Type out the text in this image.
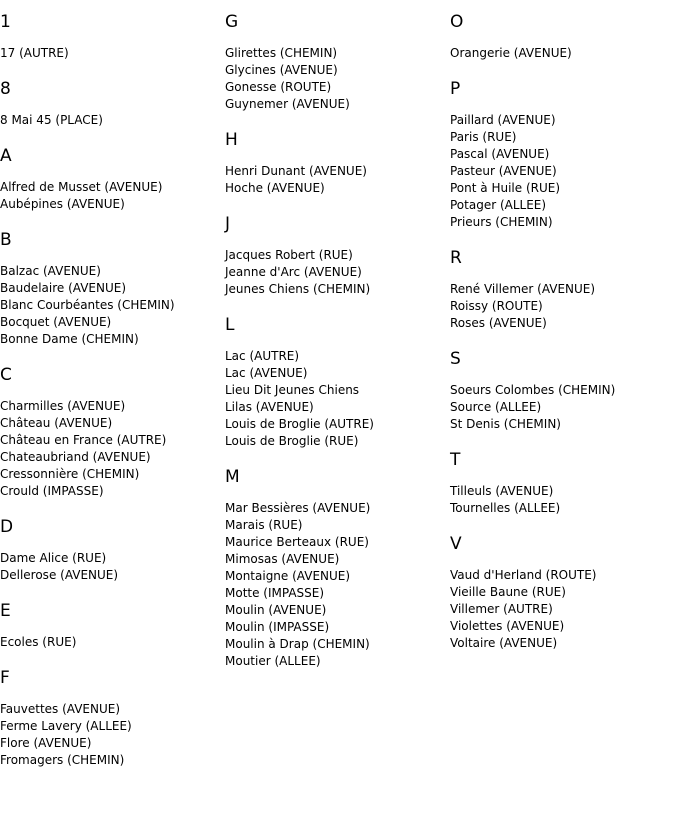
1
17 (AUTRE)
8
8 Mai 45 (PLACE)
A
Alfred de Musset (AVENUE)
Aubépines (AVENUE)
B
Balzac (AVENUE)
Baudelaire (AVENUE)
Blanc Courbéantes (CHEMIN)
Bocquet (AVENUE)
Bonne Dame (CHEMIN)
C
Charmilles (AVENUE)
Château (AVENUE)
Château en France (AUTRE)
Chateaubriand (AVENUE)
Cressonnière (CHEMIN)
Crould (IMPASSE)
D
Dame Alice (RUE)
Dellerose (AVENUE)
E
Ecoles (RUE)
F
Fauvettes (AVENUE)
Ferme Lavery (ALLEE)
Flore (AVENUE)
Fromagers (CHEMIN)
G
Glirettes (CHEMIN)
Glycines (AVENUE)
Gonesse (ROUTE)
Guynemer (AVENUE)
H
Henri Dunant (AVENUE)
Hoche (AVENUE)
J
Jacques Robert (RUE)
Jeanne d'Arc (AVENUE)
Jeunes Chiens (CHEMIN)
L
Lac (AUTRE)
Lac (AVENUE)
Lieu Dit Jeunes Chiens
Lilas (AVENUE)
Louis de Broglie (AUTRE)
Louis de Broglie (RUE)
M
Mar Bessières (AVENUE)
Marais (RUE)
Maurice Berteaux (RUE)
Mimosas (AVENUE)
Montaigne (AVENUE)
Motte (IMPASSE)
Moulin (AVENUE)
Moulin (IMPASSE)
Moulin à Drap (CHEMIN)
Moutier (ALLEE)
O
Orangerie (AVENUE)
P
Paillard (AVENUE)
Paris (RUE)
Pascal (AVENUE)
Pasteur (AVENUE)
Pont à Huile (RUE)
Potager (ALLEE)
Prieurs (CHEMIN)
R
René Villemer (AVENUE)
Roissy (ROUTE)
Roses (AVENUE)
S
Soeurs Colombes (CHEMIN)
Source (ALLEE)
St Denis (CHEMIN)
T
Tilleuls (AVENUE)
Tournelles (ALLEE)
V
Vaud d'Herland (ROUTE)
Vieille Baune (RUE)
Villemer (AUTRE)
Violettes (AVENUE)
Voltaire (AVENUE)
